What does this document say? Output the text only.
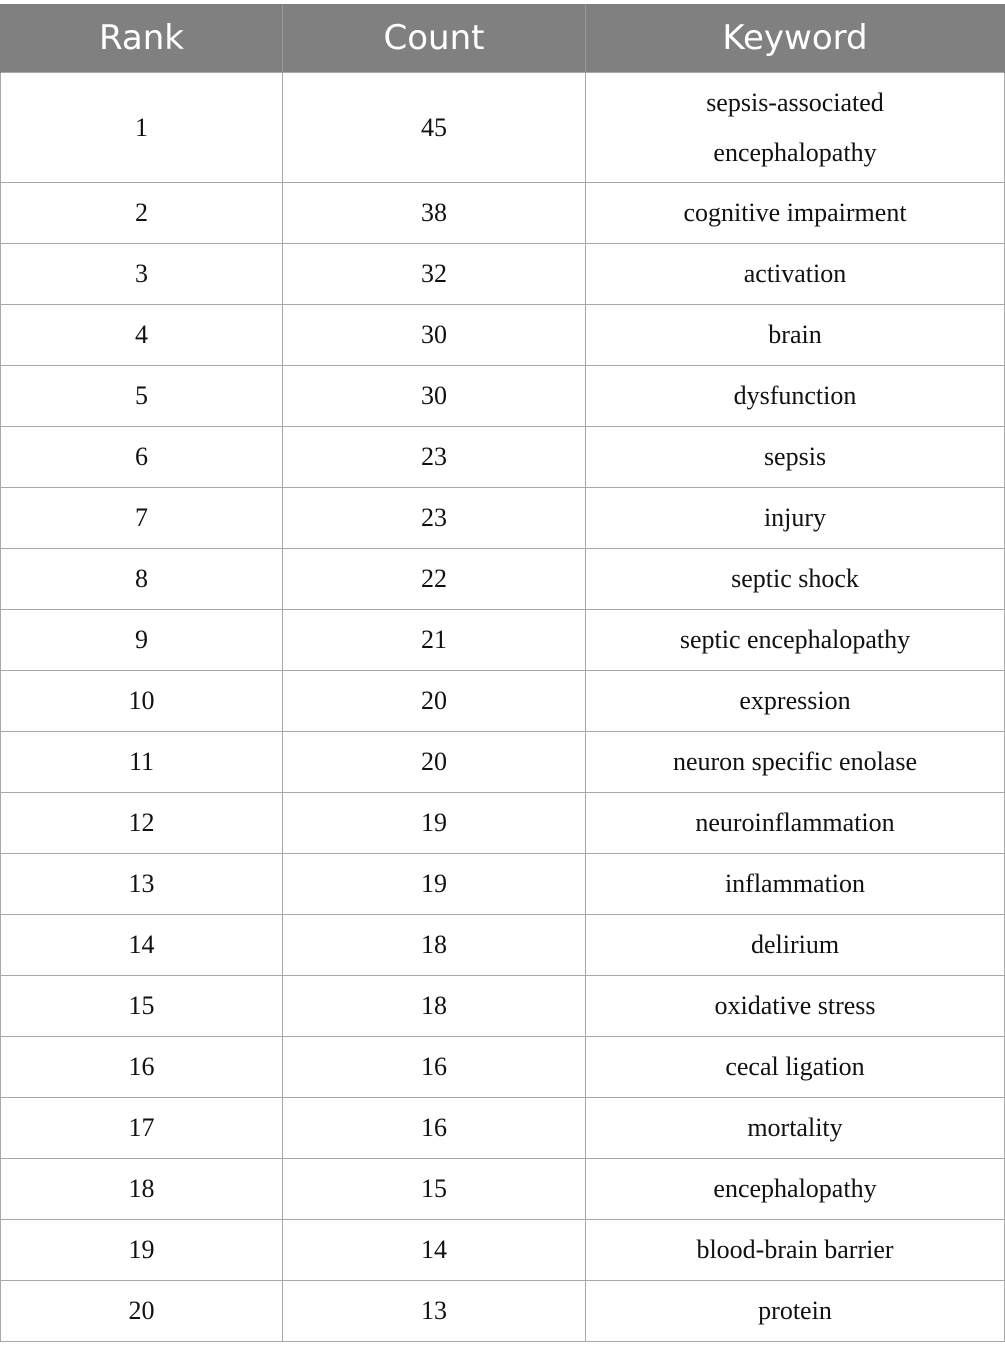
Rank	Count	Keyword
1	45	sepsis-associated encephalopathy
2	38	cognitive impairment
3	32	activation
4	30	brain
5	30	dysfunction
6	23	sepsis
7	23	injury
8	22	septic shock
9	21	septic encephalopathy
10	20	expression
11	20	neuron specific enolase
12	19	neuroinflammation
13	19	inflammation
14	18	delirium
15	18	oxidative stress
16	16	cecal ligation
17	16	mortality
18	15	encephalopathy
19	14	blood-brain barrier
20	13	protein
